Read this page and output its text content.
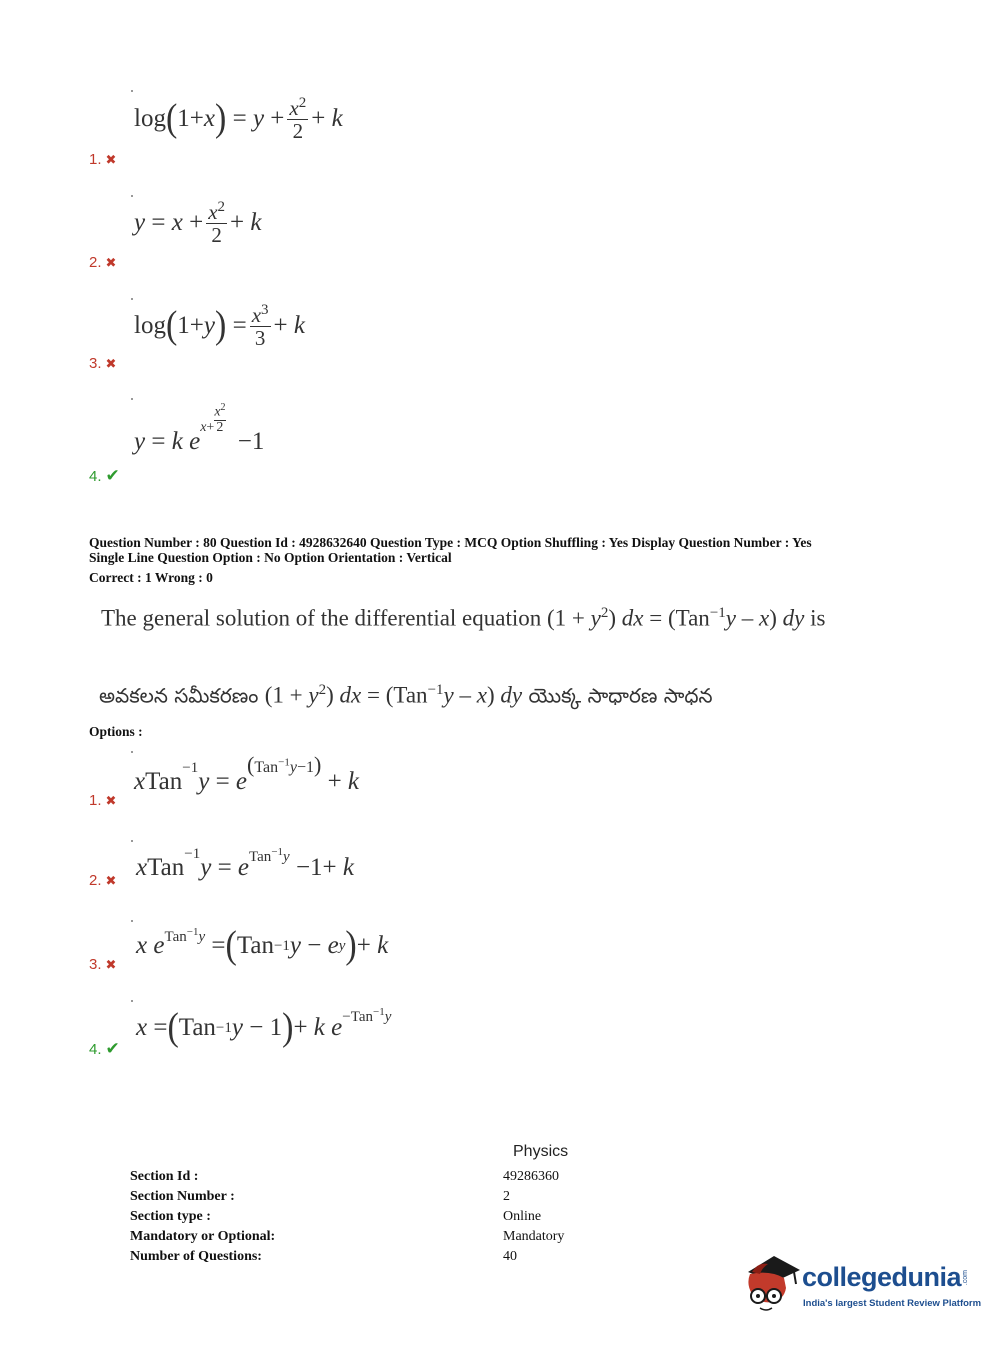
log ( 1+ x ) = $y + \frac{x^2}{2} + k$
1. ✖
$y = x + \frac{x^2}{2} + k$
2. ✖
log ( 1+ y ) = $\frac{x^3}{3} + k$
3. ✖
y = k
e
x +
$x^2$
2
−1
4. ✔
Question Number : 80 Question Id : 4928632640 Question Type : MCQ Option Shuffling : Yes Display Question Number : Yes
Single Line Question Option : No Option Orientation : Vertical
Correct : 1 Wrong : 0
The general solution of the differential equation $(1 + y^2)$ dx = (Tan$^{-1}$y – x) dy is
అవకలన సమీకరణం $(1 + y^2)$ dx = (Tan$^{-1}$y – x) dy యొక్క సాధారణ సాధన
Options :
x Tan$^{-1}$ y = e
(Tan$^{-1}$y−1)
+ k
1. ✖
x Tan$^{-1}$ y = e Tan$^{-1}$y −1+ k
2. ✖
x
e Tan$^{-1}$y = ( Tan −1 y − e y ) + k
3. ✖
x = ( Tan −1 y − 1 ) + k
e −Tan$^{-1}$y
4. ✔
Physics
Section Id :	49286360
Section Number :	2
Section type :	Online
Mandatory or Optional:	Mandatory
Number of Questions:	40
collegedunia .com
India's largest Student Review Platform
